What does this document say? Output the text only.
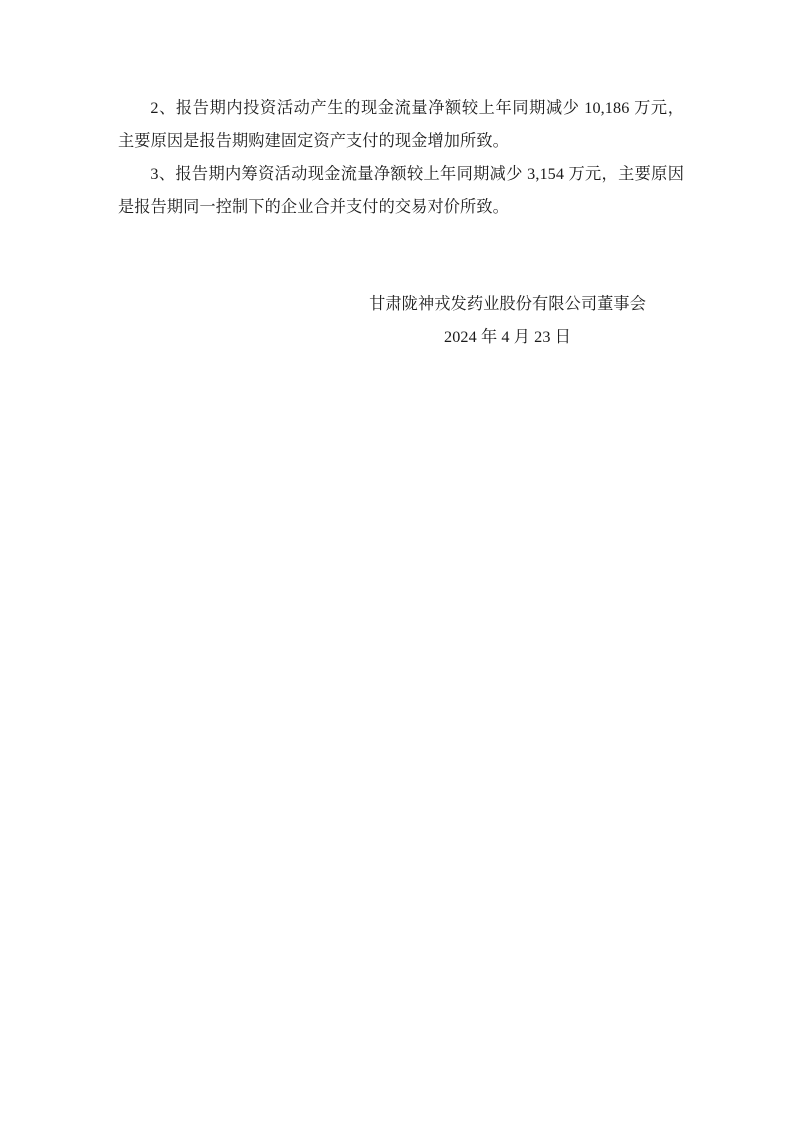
2、报告期内投资活动产生的现金流量净额较上年同期减少 10,186 万元，主要原因是报告期购建固定资产支付的现金增加所致。

3、报告期内筹资活动现金流量净额较上年同期减少 3,154 万元，主要原因是报告期同一控制下的企业合并支付的交易对价所致。

甘肃陇神戎发药业股份有限公司董事会
2024 年 4 月 23 日
